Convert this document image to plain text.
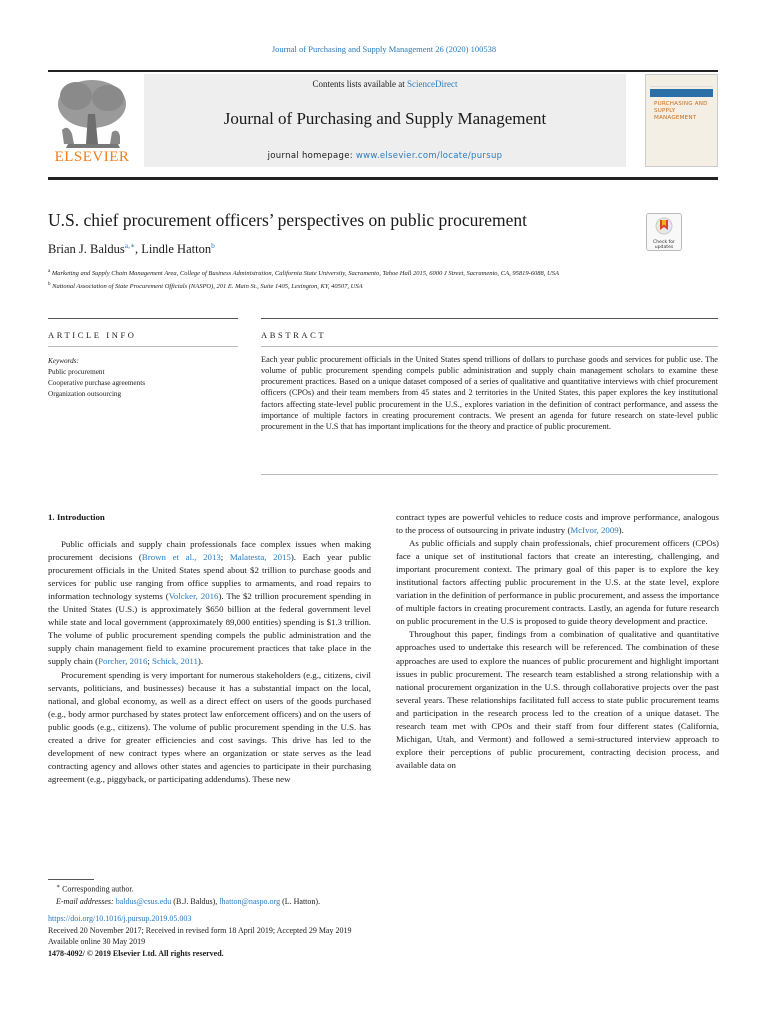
Journal of Purchasing and Supply Management 26 (2020) 100538
ELSEVIER
Contents lists available at ScienceDirect
Journal of Purchasing and Supply Management
journal homepage: www.elsevier.com/locate/pursup
PURCHASING AND SUPPLY MANAGEMENT
U.S. chief procurement officers’ perspectives on public procurement
Check for updates
Brian J. Baldus$^{a,∗}$, Lindle Hatton$^b$
$^a$ Marketing and Supply Chain Management Area, College of Business Administration, California State University, Sacramento, Tahoe Hall 2015, 6000 J Street, Sacramento, CA, 95819-6088, USA
$^b$ National Association of State Procurement Officials (NASPO), 201 E. Main St., Suite 1405, Lexington, KY, 40507, USA
ARTICLE INFO	ABSTRACT
Keywords:
Public procurement
Cooperative purchase agreements
Organization outsourcing
Each year public procurement officials in the United States spend trillions of dollars to purchase goods and services for public use. The volume of public procurement spending compels public administration and supply chain management scholars to examine these procurement practices. Based on a unique dataset composed of a series of qualitative and quantitative interviews with chief procurement officers (CPOs) and their team members from 45 states and 2 territories in the United States, this paper explores the key institutional factors affecting state-level public procurement in the U.S., explores variation in the definition of contract performance, and assess the importance of multiple factors in creating procurement contracts. We present an agenda for future research on state-level public procurement in the U.S that has important implications for the theory and practice of public procurement.

1. Introduction

Public officials and supply chain professionals face complex issues when making procurement decisions (Brown et al., 2013; Malatesta, 2015). Each year public procurement officials in the United States spend about $2 trillion to purchase goods and services for public use ranging from office supplies to armaments, and road repairs to information technology systems (Volcker, 2016). The $2 trillion procurement spending in the United States (U.S.) is approximately $650 billion at the federal government level while state and local government (approximately 89,000 entities) spending is $1.3 trillion. The volume of public procurement spending compels the public administration and the supply chain management field to examine procurement practices that take place in the supply chain (Porcher, 2016; Schick, 2011).

Procurement spending is very important for numerous stakeholders (e.g., citizens, civil servants, politicians, and businesses) because it has a substantial impact on the local, national, and global economy, as well as a direct effect on users of the goods purchased (e.g., body armor purchased by states protect law enforcement officers) and on the users of public goods (e.g., citizens). The volume of public procurement spending in the U.S. has created a drive for greater efficiencies and cost savings. This drive has led to the development of new contract types where an organization or state serves as the lead contracting agency and allows other states and agencies to participate in their purchasing agreement (e.g., piggyback, or participating addendums). These new

contract types are powerful vehicles to reduce costs and improve performance, analogous to the process of outsourcing in private industry (McIvor, 2009).

As public officials and supply chain professionals, chief procurement officers (CPOs) face a unique set of institutional factors that create an interesting, challenging, and important procurement context. The primary goal of this paper is to explore the key institutional factors affecting public procurement in the U.S. at the state level, explore variation in the definition of performance in public procurement, and assess the importance of multiple factors in creating procurement contracts. Lastly, an agenda for future research on public procurement in the U.S is proposed to guide theory development and practice.

Throughout this paper, findings from a combination of qualitative and quantitative approaches used to undertake this research will be referenced. The combination of these approaches are used to explore the nuances of public procurement and highlight important issues in public procurement. The research team established a strong relationship with a national procurement organization in the U.S. through collaborative projects over the past several years. These relationships facilitated full access to state public procurement teams and participation in the research process led to the creation of a unique dataset. The research team met with CPOs and their staff from four different states (California, Michigan, Utah, and Vermont) and followed a semi-structured interview approach to explore their perceptions of public procurement, contracting decision process, and available data on

∗ Corresponding author.
E-mail addresses: baldus@csus.edu (B.J. Baldus), lhatton@naspo.org (L. Hatton).
https://doi.org/10.1016/j.pursup.2019.05.003
Received 20 November 2017; Received in revised form 18 April 2019; Accepted 29 May 2019
Available online 30 May 2019
1478-4092/ © 2019 Elsevier Ltd. All rights reserved.
